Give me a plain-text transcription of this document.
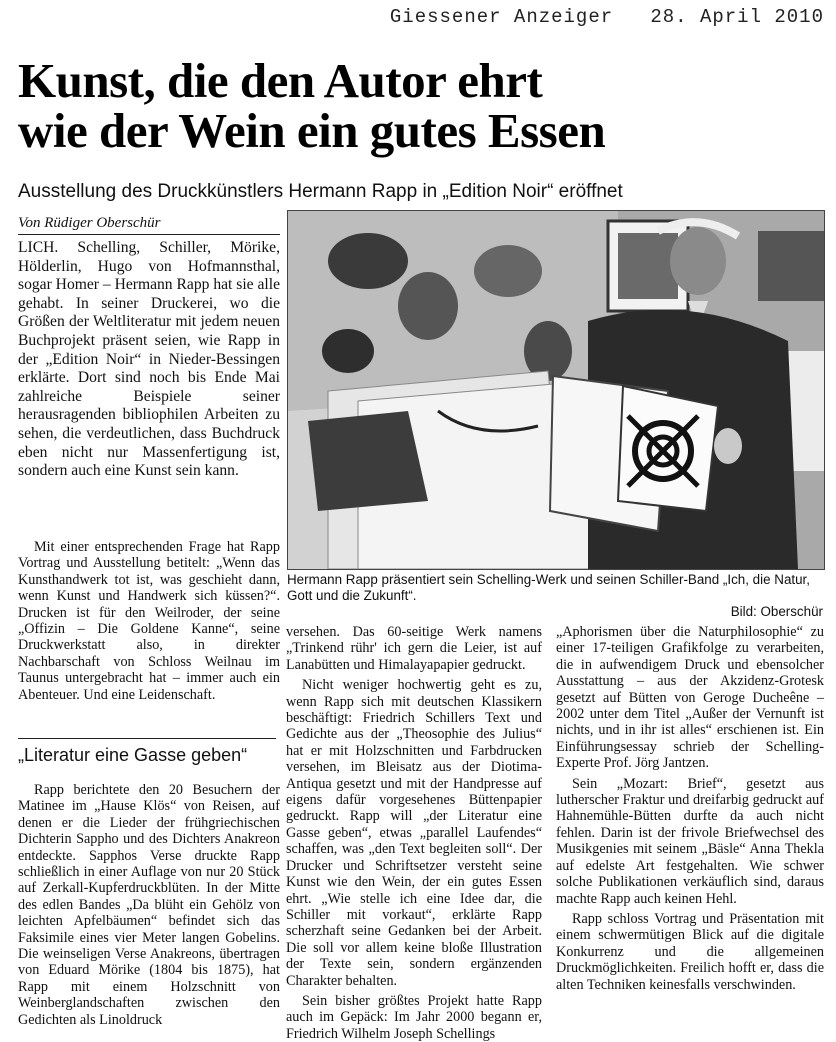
Giessener Anzeiger 28. April 2010
Kunst, die den Autor ehrt
wie der Wein ein gutes Essen
Ausstellung des Druckkünstlers Hermann Rapp in „Edition Noir“ eröffnet
Von Rüdiger Oberschür

LICH. Schelling, Schiller, Mörike, Hölderlin, Hugo von Hofmannsthal, sogar Homer – Hermann Rapp hat sie alle gehabt. In seiner Druckerei, wo die Größen der Weltliteratur mit jedem neuen Buchprojekt präsent seien, wie Rapp in der „Edition Noir“ in Nieder-Bessingen erklärte. Dort sind noch bis Ende Mai zahlreiche Beispiele seiner herausragenden bibliophilen Arbeiten zu sehen, die verdeutlichen, dass Buchdruck eben nicht nur Massenfertigung ist, sondern auch eine Kunst sein kann.

Mit einer entsprechenden Frage hat Rapp Vortrag und Ausstellung betitelt: „Wenn das Kunsthandwerk tot ist, was geschieht dann, wenn Kunst und Handwerk sich küssen?“. Drucken ist für den Weilroder, der seine „Offizin – Die Goldene Kanne“, seine Druckwerkstatt also, in direkter Nachbarschaft von Schloss Weilnau im Taunus untergebracht hat – immer auch ein Abenteuer. Und eine Leidenschaft.

„Literatur eine Gasse geben“

Rapp berichtete den 20 Besuchern der Matinee im „Hause Klös“ von Reisen, auf denen er die Lieder der frühgriechischen Dichterin Sappho und des Dichters Anakreon entdeckte. Sapphos Verse druckte Rapp schließlich in einer Auflage von nur 20 Stück auf Zerkall-Kupferdruckblüten. In der Mitte des edlen Bandes „Da blüht ein Gehölz von leichten Apfelbäumen“ befindet sich das Faksimile eines vier Meter langen Gobelins. Die weinseligen Verse Anakreons, übertragen von Eduard Mörike (1804 bis 1875), hat Rapp mit einem Holzschnitt von Weinberglandschaften zwischen den Gedichten als Linoldruck

Hermann Rapp präsentiert sein Schelling-Werk und seinen Schiller-Band „Ich, die Natur, Gott und die Zukunft“.
Bild: Oberschür

versehen. Das 60-seitige Werk namens „Trinkend rühr' ich gern die Leier, ist auf Lanabütten und Himalayapapier gedruckt.

Nicht weniger hochwertig geht es zu, wenn Rapp sich mit deutschen Klassikern beschäftigt: Friedrich Schillers Text und Gedichte aus der „Theosophie des Julius“ hat er mit Holzschnitten und Farbdrucken versehen, im Bleisatz aus der Diotima-Antiqua gesetzt und mit der Handpresse auf eigens dafür vorgesehenes Büttenpapier gedruckt. Rapp will „der Literatur eine Gasse geben“, etwas „parallel Laufendes“ schaffen, was „den Text begleiten soll“. Der Drucker und Schriftsetzer versteht seine Kunst wie den Wein, der ein gutes Essen ehrt. „Wie stelle ich eine Idee dar, die Schiller mit vorkaut“, erklärte Rapp scherzhaft seine Gedanken bei der Arbeit. Die soll vor allem keine bloße Illustration der Texte sein, sondern ergänzenden Charakter behalten.

Sein bisher größtes Projekt hatte Rapp auch im Gepäck: Im Jahr 2000 begann er, Friedrich Wilhelm Joseph Schellings

„Aphorismen über die Naturphilosophie“ zu einer 17-teiligen Grafikfolge zu verarbeiten, die in aufwendigem Druck und ebensolcher Ausstattung – aus der Akzidenz-Grotesk gesetzt auf Bütten von Geroge Ducheêne – 2002 unter dem Titel „Außer der Vernunft ist nichts, und in ihr ist alles“ erschienen ist. Ein Einführungsessay schrieb der Schelling-Experte Prof. Jörg Jantzen.

Sein „Mozart: Brief“, gesetzt aus lutherscher Fraktur und dreifarbig gedruckt auf Hahnemühle-Bütten durfte da auch nicht fehlen. Darin ist der frivole Briefwechsel des Musikgenies mit seinem „Bäsle“ Anna Thekla auf edelste Art festgehalten. Wie schwer solche Publikationen verkäuflich sind, daraus machte Rapp auch keinen Hehl.

Rapp schloss Vortrag und Präsentation mit einem schwermütigen Blick auf die digitale Konkurrenz und die allgemeinen Druckmöglichkeiten. Freilich hofft er, dass die alten Techniken keinesfalls verschwinden.
